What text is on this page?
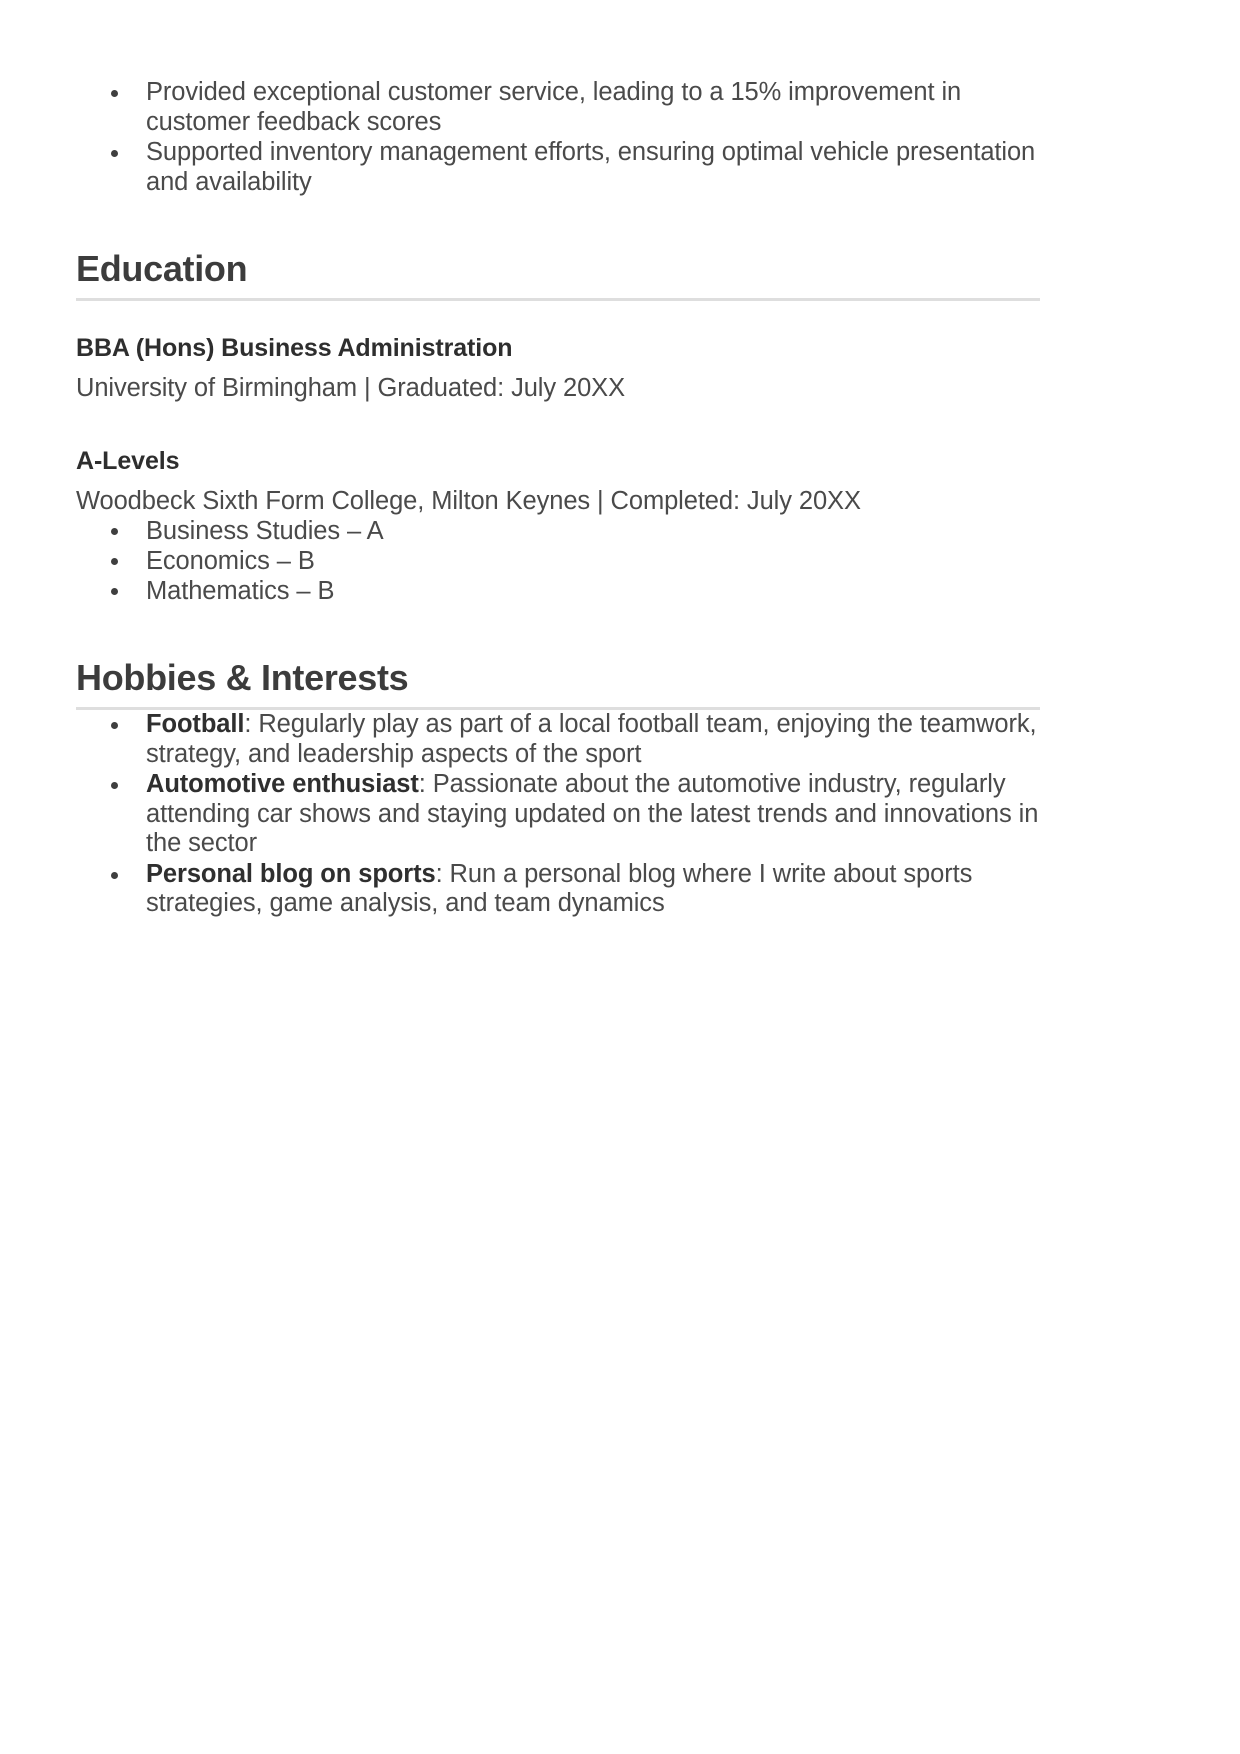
Provided exceptional customer service, leading to a 15% improvement in customer feedback scores
Supported inventory management efforts, ensuring optimal vehicle presentation and availability
Education
BBA (Hons) Business Administration
University of Birmingham | Graduated: July 20XX
A-Levels
Woodbeck Sixth Form College, Milton Keynes | Completed: July 20XX
Business Studies – A
Economics – B
Mathematics – B
Hobbies & Interests
Football: Regularly play as part of a local football team, enjoying the teamwork, strategy, and leadership aspects of the sport
Automotive enthusiast: Passionate about the automotive industry, regularly attending car shows and staying updated on the latest trends and innovations in the sector
Personal blog on sports: Run a personal blog where I write about sports strategies, game analysis, and team dynamics
